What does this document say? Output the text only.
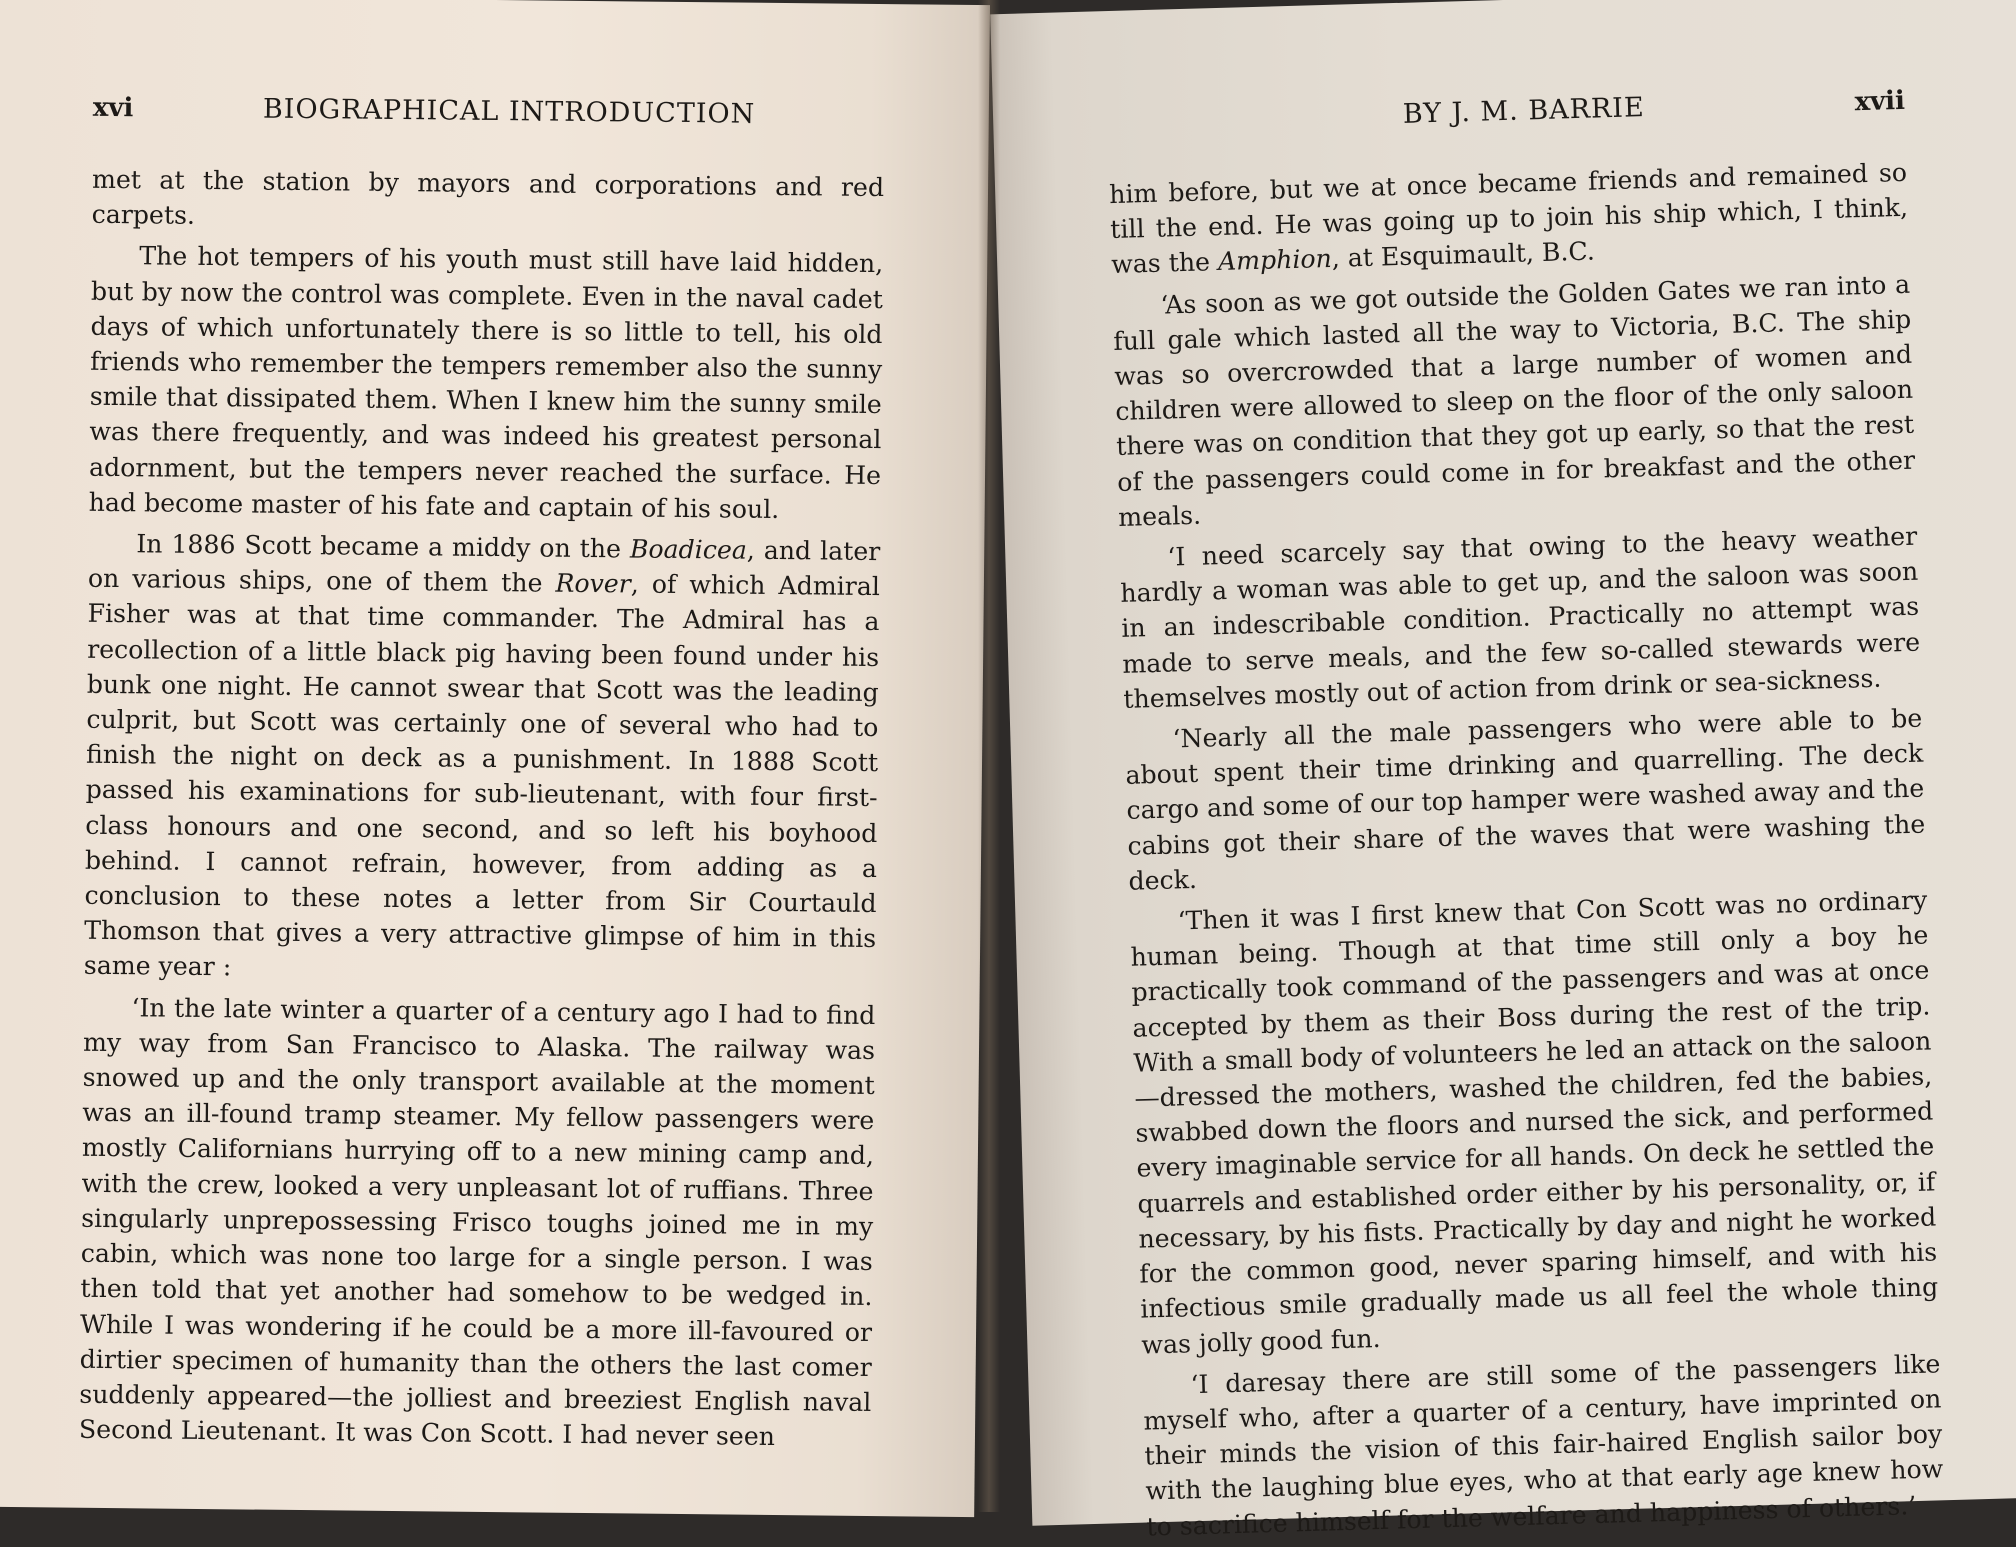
xvi	BIOGRAPHICAL INTRODUCTION

met at the station by mayors and corporations and red carpets.

The hot tempers of his youth must still have laid hidden, but by now the control was complete. Even in the naval cadet days of which unfortunately there is so little to tell, his old friends who remember the tempers remember also the sunny smile that dissipated them. When I knew him the sunny smile was there frequently, and was indeed his greatest personal adornment, but the tempers never reached the surface. He had become master of his fate and captain of his soul.

In 1886 Scott became a middy on the Boadicea, and later on various ships, one of them the Rover, of which Admiral Fisher was at that time commander. The Admiral has a recollection of a little black pig having been found under his bunk one night. He cannot swear that Scott was the leading culprit, but Scott was certainly one of several who had to finish the night on deck as a punishment. In 1888 Scott passed his examinations for sub-lieutenant, with four first-class honours and one second, and so left his boyhood behind. I cannot refrain, however, from adding as a conclusion to these notes a letter from Sir Courtauld Thomson that gives a very attractive glimpse of him in this same year :

‘In the late winter a quarter of a century ago I had to find my way from San Francisco to Alaska. The railway was snowed up and the only transport available at the moment was an ill-found tramp steamer. My fellow passengers were mostly Californians hurrying off to a new mining camp and, with the crew, looked a very unpleasant lot of ruffians. Three singularly unprepossessing Frisco toughs joined me in my cabin, which was none too large for a single person. I was then told that yet another had somehow to be wedged in. While I was wondering if he could be a more ill-favoured or dirtier specimen of humanity than the others the last comer suddenly appeared—the jolliest and breeziest English naval Second Lieutenant. It was Con Scott. I had never seen

BY J. M. BARRIE	xvii

him before, but we at once became friends and remained so till the end. He was going up to join his ship which, I think, was the Amphion, at Esquimault, B.C.

‘As soon as we got outside the Golden Gates we ran into a full gale which lasted all the way to Victoria, B.C. The ship was so overcrowded that a large number of women and children were allowed to sleep on the floor of the only saloon there was on condition that they got up early, so that the rest of the passengers could come in for breakfast and the other meals.

‘I need scarcely say that owing to the heavy weather hardly a woman was able to get up, and the saloon was soon in an indescribable condition. Practically no attempt was made to serve meals, and the few so-called stewards were themselves mostly out of action from drink or sea-sickness.

‘Nearly all the male passengers who were able to be about spent their time drinking and quarrelling. The deck cargo and some of our top hamper were washed away and the cabins got their share of the waves that were washing the deck.

‘Then it was I first knew that Con Scott was no ordinary human being. Though at that time still only a boy he practically took command of the passengers and was at once accepted by them as their Boss during the rest of the trip. With a small body of volunteers he led an attack on the saloon —dressed the mothers, washed the children, fed the babies, swabbed down the floors and nursed the sick, and performed every imaginable service for all hands. On deck he settled the quarrels and established order either by his personality, or, if necessary, by his fists. Practically by day and night he worked for the common good, never sparing himself, and with his infectious smile gradually made us all feel the whole thing was jolly good fun.

‘I daresay there are still some of the passengers like myself who, after a quarter of a century, have imprinted on their minds the vision of this fair-haired English sailor boy with the laughing blue eyes, who at that early age knew how to sacrifice himself for the welfare and happiness of others.’
